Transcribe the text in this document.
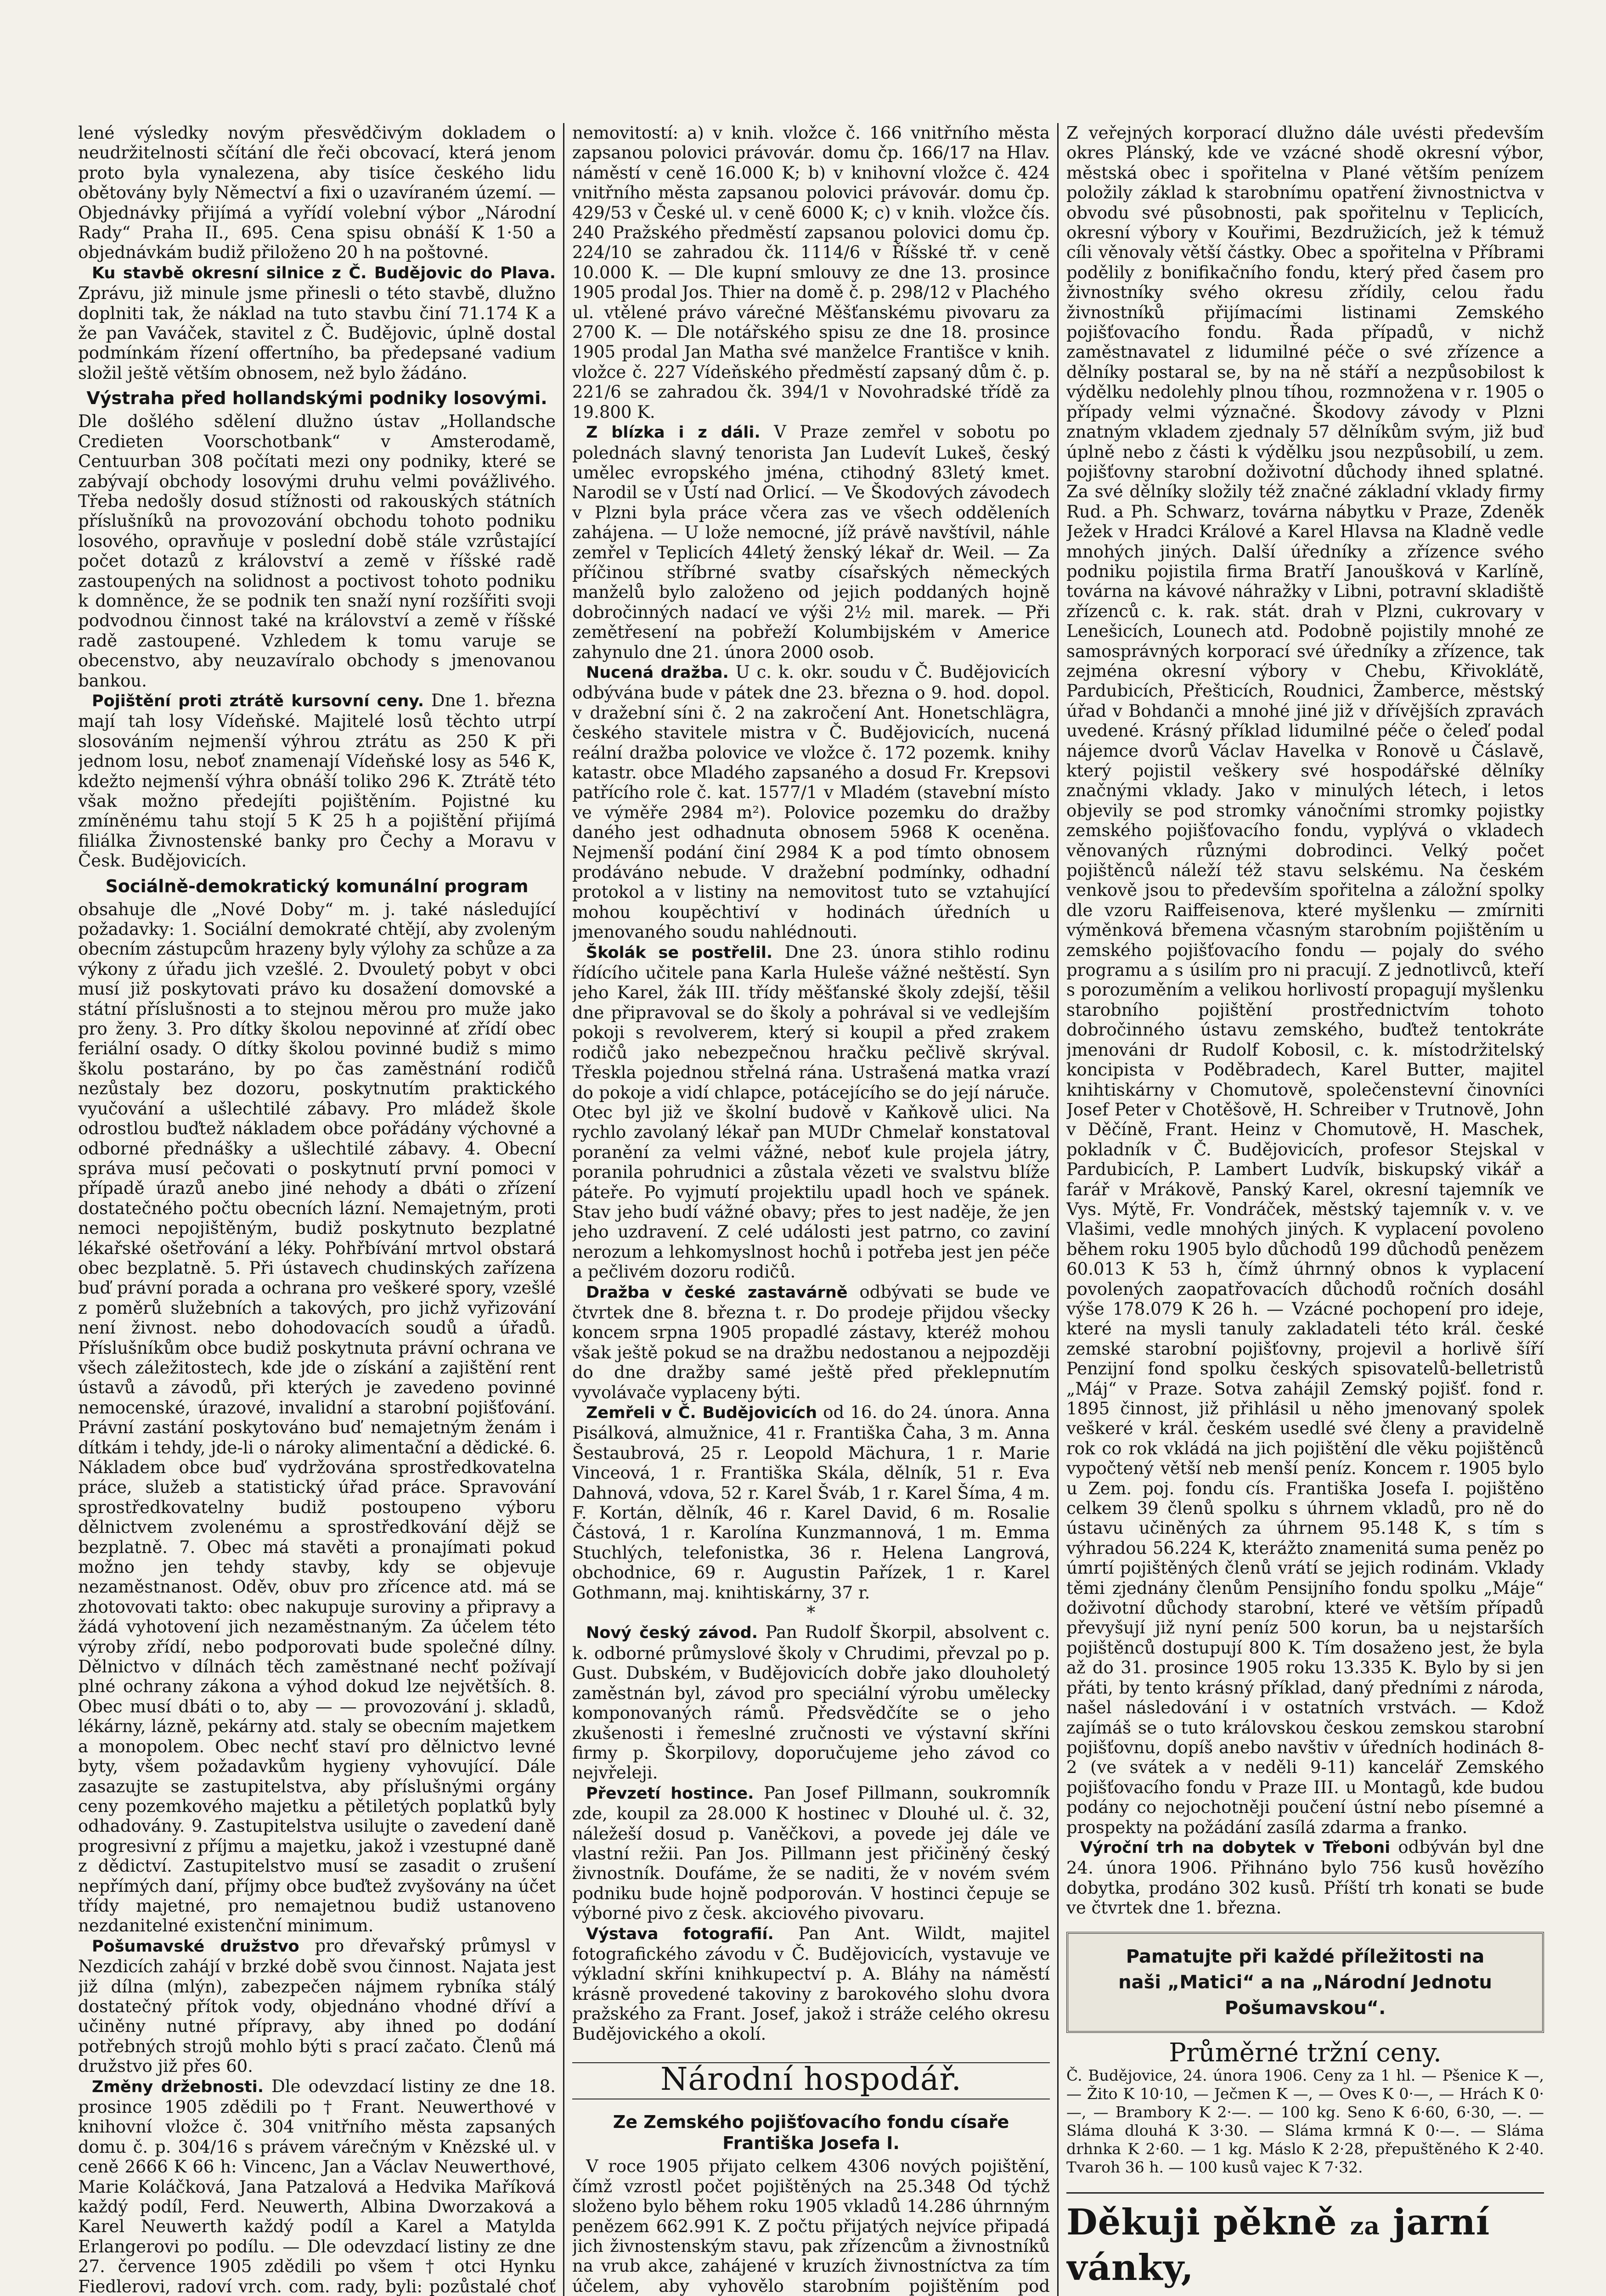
lené výsledky novým přesvědčivým dokladem o neudržitelnosti sčítání dle řeči obcovací, která jenom proto byla vynalezena, aby tisíce českého lidu obětovány byly Němectví a fixi o uzavíraném území. — Objednávky přijímá a vyřídí volební výbor „Národní Rady“ Praha II., 695. Cena spisu obnáší K 1·50 a objednávkám budiž přiloženo 20 h na poštovné.

Ku stavbě okresní silnice z Č. Budějovic do Plava. Zprávu, již minule jsme přinesli o této stavbě, dlužno doplniti tak, že náklad na tuto stavbu činí 71.174 K a že pan Vaváček, stavitel z Č. Budějovic, úplně dostal podmínkám řízení offertního, ba předepsané vadium složil ještě větším obnosem, než bylo žádáno.

Výstraha před hollandskými podniky losovými.

Dle došlého sdělení dlužno ústav „Hollandsche Credieten Voorschotbank“ v Amsterodamě, Centuurban 308 počítati mezi ony podniky, které se zabývají obchody losovými druhu velmi povážlivého. Třeba nedošly dosud stížnosti od rakouských státních příslušníků na provozování obchodu tohoto podniku losového, opravňuje v poslední době stále vzrůstající počet dotazů z království a země v říšské radě zastoupených na solidnost a poctivost tohoto podniku k domněnce, že se podnik ten snaží nyní rozšířiti svoji podvodnou činnost také na království a země v říšské radě zastoupené. Vzhledem k tomu varuje se obecenstvo, aby neuzavíralo obchody s jmenovanou bankou.

Pojištění proti ztrátě kursovní ceny. Dne 1. března mají tah losy Vídeňské. Majitelé losů těchto utrpí slosováním nejmenší výhrou ztrátu as 250 K při jednom losu, neboť znamenají Vídeňské losy as 546 K, kdežto nejmenší výhra obnáší toliko 296 K. Ztrátě této však možno předejíti pojištěním. Pojistné ku zmíněnému tahu stojí 5 K 25 h a pojištění přijímá filiálka Živnostenské banky pro Čechy a Moravu v Česk. Budějovicích.

Sociálně-demokratický komunální program

obsahuje dle „Nové Doby“ m. j. také následující požadavky: 1. Sociální demokraté chtějí, aby zvoleným obecním zástupcům hrazeny byly výlohy za schůze a za výkony z úřadu jich vzešlé. 2. Dvouletý pobyt v obci musí již poskytovati právo ku dosažení domovské a státní příslušnosti a to stejnou měrou pro muže jako pro ženy. 3. Pro dítky školou nepovinné ať zřídí obec feriální osady. O dítky školou povinné budiž s mimo školu postaráno, by po čas zaměstnání rodičů nezůstaly bez dozoru, poskytnutím praktického vyučování a ušlechtilé zábavy. Pro mládež škole odrostlou buďtež nákladem obce pořádány výchovné a odborné přednášky a ušlechtilé zábavy. 4. Obecní správa musí pečovati o poskytnutí první pomoci v případě úrazů anebo jiné nehody a dbáti o zřízení dostatečného počtu obecních lázní. Nemajetným, proti nemoci nepojištěným, budiž poskytnuto bezplatné lékařské ošetřování a léky. Pohřbívání mrtvol obstará obec bezplatně. 5. Při ústavech chudinských zařízena buď právní porada a ochrana pro veškeré spory, vzešlé z poměrů služebních a takových, pro jichž vyřizování není živnost. nebo dohodovacích soudů a úřadů. Příslušníkům obce budiž poskytnuta právní ochrana ve všech záležitostech, kde jde o získání a zajištění rent ústavů a závodů, při kterých je zavedeno povinné nemocenské, úrazové, invalidní a starobní pojišťování. Právní zastání poskytováno buď nemajetným ženám i dítkám i tehdy, jde-li o nároky alimentační a dědické. 6. Nákladem obce buď vydržována sprostředkovatelna práce, služeb a statistický úřad práce. Spravování sprostředkovatelny budiž postoupeno výboru dělnictvem zvolenému a sprostředkování dějž se bezplatně. 7. Obec má stavěti a pronajímati pokud možno jen tehdy stavby, kdy se objevuje nezaměstnanost. Oděv, obuv pro zřícence atd. má se zhotovovati takto: obec nakupuje suroviny a připravy a žádá vyhotovení jich nezaměstnaným. Za účelem této výroby zřídí, nebo podporovati bude společné dílny. Dělnictvo v dílnách těch zaměstnané nechť požívají plné ochrany zákona a výhod dokud lze největších. 8. Obec musí dbáti o to, aby — — provozování j. skladů, lékárny, lázně, pekárny atd. staly se obecním majetkem a monopolem. Obec nechť staví pro dělnictvo levné byty, všem požadavkům hygieny vyhovující. Dále zasazujte se zastupitelstva, aby příslušnými orgány ceny pozemkového majetku a pětiletých poplatků byly odhadovány. 9. Zastupitelstva usilujte o zavedení daně progresivní z příjmu a majetku, jakož i vzestupné daně z dědictví. Zastupitelstvo musí se zasadit o zrušení nepřímých daní, příjmy obce buďtež zvyšovány na účet třídy majetné, pro nemajetnou budiž ustanoveno nezdanitelné existenční minimum.

Pošumavské družstvo pro dřevařský průmysl v Nezdicích zahájí v brzké době svou činnost. Najata jest již dílna (mlýn), zabezpečen nájmem rybníka stálý dostatečný přítok vody, objednáno vhodné dříví a učiněny nutné přípravy, aby ihned po dodání potřebných strojů mohlo býti s prací začato. Členů má družstvo již přes 60.

Změny držebnosti. Dle odevzdací listiny ze dne 18. prosince 1905 zdědili po † Frant. Neuwerthové v knihovní vložce č. 304 vnitřního města zapsaných domu č. p. 304/16 s právem várečným v Knězské ul. v ceně 2666 K 66 h: Vincenc, Jan a Václav Neuwerthové, Marie Koláčková, Jana Patzalová a Hedvika Maříková každý podíl, Ferd. Neuwerth, Albina Dworzaková a Karel Neuwerth každý podíl a Karel a Matylda Erlangerovi po podílu. — Dle odevzdací listiny ze dne 27. července 1905 zdědili po všem † otci Hynku Fiedlerovi, radoví vrch. com. rady, byli: pozůstalé choť

nemovitostí: a) v knih. vložce č. 166 vnitřního města zapsanou polovici právovár. domu čp. 166/17 na Hlav. náměstí v ceně 16.000 K; b) v knihovní vložce č. 424 vnitřního města zapsanou polovici právovár. domu čp. 429/53 v České ul. v ceně 6000 K; c) v knih. vložce čís. 240 Pražského předměstí zapsanou polovici domu čp. 224/10 se zahradou čk. 1114/6 v Říšské tř. v ceně 10.000 K. — Dle kupní smlouvy ze dne 13. prosince 1905 prodal Jos. Thier na domě č. p. 298/12 v Plachého ul. vtělené právo várečné Měšťanskému pivovaru za 2700 K. — Dle notářského spisu ze dne 18. prosince 1905 prodal Jan Matha své manželce Františce v knih. vložce č. 227 Vídeňského předměstí zapsaný dům č. p. 221/6 se zahradou čk. 394/1 v Novohradské třídě za 19.800 K.

Z blízka i z dáli. V Praze zemřel v sobotu po polednách slavný tenorista Jan Ludevít Lukeš, český umělec evropského jména, ctihodný 83letý kmet. Narodil se v Ústí nad Orlicí. — Ve Škodových závodech v Plzni byla práce včera zas ve všech odděleních zahájena. — U lože nemocné, jíž právě navštívil, náhle zemřel v Teplicích 44letý ženský lékař dr. Weil. — Za příčinou stříbrné svatby císařských německých manželů bylo založeno od jejich poddaných hojně dobročinných nadací ve výši 2½ mil. marek. — Při zemětřesení na pobřeží Kolumbijském v Americe zahynulo dne 21. února 2000 osob.

Nucená dražba. U c. k. okr. soudu v Č. Budějovicích odbývána bude v pátek dne 23. března o 9. hod. dopol. v dražební síni č. 2 na zakročení Ant. Honetschlägra, českého stavitele mistra v Č. Budějovicích, nucená reální dražba polovice ve vložce č. 172 pozemk. knihy katastr. obce Mladého zapsaného a dosud Fr. Krepsovi patřícího role č. kat. 1577/1 v Mladém (stavební místo ve výměře 2984 m²). Polovice pozemku do dražby daného jest odhadnuta obnosem 5968 K oceněna. Nejmenší podání činí 2984 K a pod tímto obnosem prodáváno nebude. V dražební podmínky, odhadní protokol a v listiny na nemovitost tuto se vztahující mohou koupěchtiví v hodinách úředních u jmenovaného soudu nahlédnouti.

Školák se postřelil. Dne 23. února stihlo rodinu řídícího učitele pana Karla Huleše vážné neštěstí. Syn jeho Karel, žák III. třídy měšťanské školy zdejší, těšil dne připravoval se do školy a pohrával si ve vedlejším pokoji s revolverem, který si koupil a před zrakem rodičů jako nebezpečnou hračku pečlivě skrýval. Třeskla pojednou střelná rána. Ustrašená matka vrazí do pokoje a vidí chlapce, potácejícího se do její náruče. Otec byl již ve školní budově v Kaňkově ulici. Na rychlo zavolaný lékař pan MUDr Chmelař konstatoval poranění za velmi vážné, neboť kule projela játry, poranila pohrudnici a zůstala vězeti ve svalstvu blíže páteře. Po vyjmutí projektilu upadl hoch ve spánek. Stav jeho budí vážné obavy; přes to jest naděje, že jen jeho uzdravení. Z celé události jest patrno, co zaviní nerozum a lehkomyslnost hochů i potřeba jest jen péče a pečlivém dozoru rodičů.

Dražba v české zastavárně odbývati se bude ve čtvrtek dne 8. března t. r. Do prodeje přijdou všecky koncem srpna 1905 propadlé zástavy, kteréž mohou však ještě pokud se na dražbu nedostanou a nejpozději do dne dražby samé ještě před překlepnutím vyvolávače vyplaceny býti.

Zemřeli v Č. Budějovicích od 16. do 24. února. Anna Pisálková, almužnice, 41 r. Františka Čaha, 3 m. Anna Šestaubrová, 25 r. Leopold Mächura, 1 r. Marie Vinceová, 1 r. Františka Skála, dělník, 51 r. Eva Dahnová, vdova, 52 r. Karel Šváb, 1 r. Karel Šíma, 4 m. F. Kortán, dělník, 46 r. Karel David, 6 m. Rosalie Částová, 1 r. Karolína Kunzmannová, 1 m. Emma Stuchlých, telefonistka, 36 r. Helena Langrová, obchodnice, 69 r. Augustin Pařízek, 1 r. Karel Gothmann, maj. knihtiskárny, 37 r.

*

Nový český závod. Pan Rudolf Škorpil, absolvent c. k. odborné průmyslové školy v Chrudimi, převzal po p. Gust. Dubském, v Budějovicích dobře jako dlouholetý zaměstnán byl, závod pro speciální výrobu umělecky komponovaných rámů. Předsvědčíte se o jeho zkušenosti i řemeslné zručnosti ve výstavní skříni firmy p. Škorpilovy, doporučujeme jeho závod co nejvřeleji.

Převzetí hostince. Pan Josef Pillmann, soukromník zde, koupil za 28.000 K hostinec v Dlouhé ul. č. 32, náležeší dosud p. Vaněčkovi, a povede jej dále ve vlastní režii. Pan Jos. Pillmann jest přičiněný český živnostník. Doufáme, že se naditi, že v novém svém podniku bude hojně podporován. V hostinci čepuje se výborné pivo z česk. akciového pivovaru.

Výstava fotografií. Pan Ant. Wildt, majitel fotografického závodu v Č. Budějovicích, vystavuje ve výkladní skříni knihkupectví p. A. Bláhy na náměstí krásně provedené takoviny z barokového slohu dvora pražského za Frant. Josef, jakož i stráže celého okresu Budějovického a okolí.

Národní hospodář.
Ze Zemského pojišťovacího fondu císaře Františka Josefa I.

V roce 1905 přijato celkem 4306 nových pojištění, čímž vzrostl počet pojištěných na 25.348 Od týchž složeno bylo během roku 1905 vkladů 14.286 úhrnným penězem 662.991 K. Z počtu přijatých nejvíce připadá jich živnostenským stavu, pak zřízencům a živnostníků na vrub akce, zahájené v kruzích živnostníctva za tím účelem, aby vyhovělo starobním pojištěním pod

Z veřejných korporací dlužno dále uvésti především okres Plánský, kde ve vzácné shodě okresní výbor, městská obec i spořitelna v Plané větším penízem položily základ k starobnímu opatření živnostnictva v obvodu své působnosti, pak spořitelnu v Teplicích, okresní výbory v Kouřimi, Bezdružicích, jež k témuž cíli věnovaly větší částky. Obec a spořitelna v Příbrami podělily z bonifikačního fondu, který před časem pro živnostníky svého okresu zřídily, celou řadu živnostníků přijímacími listinami Zemského pojišťovacího fondu. Řada případů, v nichž zaměstnavatel z lidumilné péče o své zřízence a dělníky postaral se, by na ně stáří a nezpůsobilost k výdělku nedolehly plnou tíhou, rozmnožena v r. 1905 o případy velmi význačné. Škodovy závody v Plzni znatným vkladem zjednaly 57 dělníkům svým, již buď úplně nebo z části k výdělku jsou nezpůsobilí, u zem. pojišťovny starobní doživotní důchody ihned splatné. Za své dělníky složily též značné základní vklady firmy Rud. a Ph. Schwarz, továrna nábytku v Praze, Zdeněk Ježek v Hradci Králové a Karel Hlavsa na Kladně vedle mnohých jiných. Další úředníky a zřízence svého podniku pojistila firma Bratří Janoušková v Karlíně, továrna na kávové náhražky v Libni, potravní skladiště zřízenců c. k. rak. stát. drah v Plzni, cukrovary v Lenešicích, Lounech atd. Podobně pojistily mnohé ze samosprávných korporací své úředníky a zřízence, tak zejména okresní výbory v Chebu, Křivoklátě, Pardubicích, Přešticích, Roudnici, Žamberce, městský úřad v Bohdanči a mnohé jiné již v dřívějších zpravách uvedené. Krásný příklad lidumilné péče o čeleď podal nájemce dvorů Václav Havelka v Ronově u Čáslavě, který pojistil veškery své hospodářské dělníky značnými vklady. Jako v minulých létech, i letos objevily se pod stromky vánočními stromky pojistky zemského pojišťovacího fondu, vyplývá o vkladech věnovaných různými dobrodinci. Velký počet pojištěnců náleží též stavu selskému. Na českém venkově jsou to především spořitelna a záložní spolky dle vzoru Raiffeisenova, které myšlenku — zmírniti výměnková břemena včasným starobním pojištěním u zemského pojišťovacího fondu — pojaly do svého programu a s úsilím pro ni pracují. Z jednotlivců, kteří s porozuměním a velikou horlivostí propagují myšlenku starobního pojištění prostřednictvím tohoto dobročinného ústavu zemského, buďtež tentokráte jmenováni dr Rudolf Kobosil, c. k. místodržitelský koncipista v Poděbradech, Karel Butter, majitel knihtiskárny v Chomutově, společenstevní činovníci Josef Peter v Chotěšově, H. Schreiber v Trutnově, John v Děčíně, Frant. Heinz v Chomutově, H. Maschek, pokladník v Č. Budějovicích, profesor Stejskal v Pardubicích, P. Lambert Ludvík, biskupský vikář a farář v Mrákově, Panský Karel, okresní tajemník ve Vys. Mýtě, Fr. Vondráček, městský tajemník v. v. ve Vlašimi, vedle mnohých jiných. K vyplacení povoleno během roku 1905 bylo důchodů 199 důchodů penězem 60.013 K 53 h, čímž úhrnný obnos k vyplacení povolených zaopatřovacích důchodů ročních dosáhl výše 178.079 K 26 h. — Vzácné pochopení pro ideje, které na mysli tanuly zakladateli této král. české zemské starobní pojišťovny, projevil a horlivě šíří Penzijní fond spolku českých spisovatelů-belletristů „Máj“ v Praze. Sotva zahájil Zemský pojišť. fond r. 1895 činnost, již přihlásil u něho jmenovaný spolek veškeré v král. českém usedlé své členy a pravidelně rok co rok vkládá na jich pojištění dle věku pojištěnců vypočtený větší neb menší peníz. Koncem r. 1905 bylo u Zem. poj. fondu cís. Františka Josefa I. pojištěno celkem 39 členů spolku s úhrnem vkladů, pro ně do ústavu učiněných za úhrnem 95.148 K, s tím s výhradou 56.224 K, kterážto znamenitá suma peněz po úmrtí pojištěných členů vrátí se jejich rodinám. Vklady těmi zjednány členům Pensijního fondu spolku „Máje“ doživotní důchody starobní, které ve větším případů převyšují již nyní peníz 500 korun, ba u nejstarších pojištěnců dostupují 800 K. Tím dosaženo jest, že byla až do 31. prosince 1905 roku 13.335 K. Bylo by si jen přáti, by tento krásný příklad, daný předními z národa, našel následování i v ostatních vrstvách. — Kdož zajímáš se o tuto královskou českou zemskou starobní pojišťovnu, dopíš anebo navštiv v úředních hodinách 8-2 (ve svátek a v neděli 9-11) kancelář Zemského pojišťovacího fondu v Praze III. u Montagů, kde budou podány co nejochotněji poučení ústní nebo písemné a prospekty na požádání zasílá zdarma a franko.

Výroční trh na dobytek v Třeboni odbýván byl dne 24. února 1906. Přihnáno bylo 756 kusů hovězího dobytka, prodáno 302 kusů. Příští trh konati se bude ve čtvrtek dne 1. března.

Pamatujte při každé příležitosti na
naši „Matici“ a na „Národní Jednotu Pošumavskou“.
Průměrné tržní ceny.
Č. Budějovice, 24. února 1906. Ceny za 1 hl. — Pšenice K —, — Žito K 10·10, — Ječmen K —, — Oves K 0·—, — Hrách K 0·—, — Brambory K 2·—. — 100 kg. Seno K 6·60, 6·30, —. — Sláma dlouhá K 3·30. — Sláma krmná K 0·—. — Sláma drhnka K 2·60. — 1 kg. Máslo K 2·28, přepuštěného K 2·40. Tvaroh 36 h. — 100 kusů vajec K 7·32.
Děkuji pěkně za jarní vánky,
